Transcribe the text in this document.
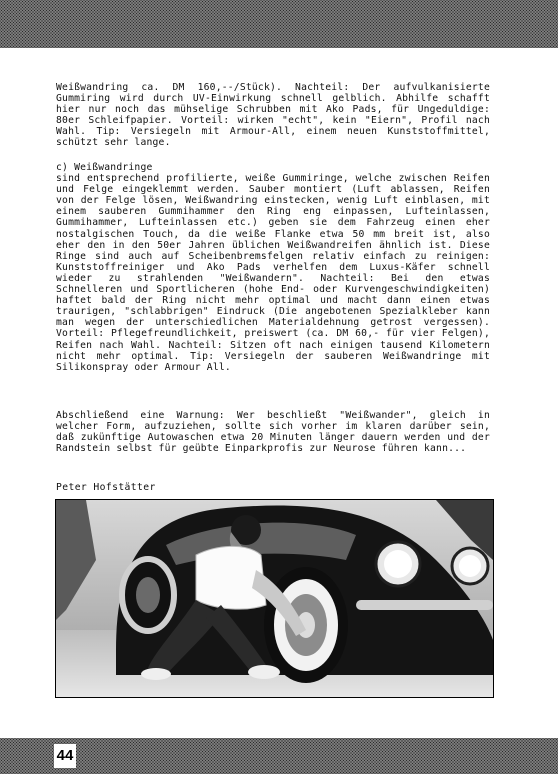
Weißwandring ca. DM 160,--/Stück). Nachteil: Der aufvulkanisierte Gummiring wird durch UV-Einwirkung schnell gelblich. Abhilfe schafft hier nur noch das mühselige Schrubben mit Ako Pads, für Ungeduldige: 80er Schleifpapier. Vorteil: wirken "echt", kein "Eiern", Profil nach Wahl. Tip: Versiegeln mit Armour-All, einem neuen Kunststoffmittel, schützt sehr lange.

c) Weißwandringe

sind entsprechend profilierte, weiße Gummiringe, welche zwischen Reifen und Felge eingeklemmt werden. Sauber montiert (Luft ablassen, Reifen von der Felge lösen, Weißwandring einstecken, wenig Luft einblasen, mit einem sauberen Gummihammer den Ring eng einpassen, Lufteinlassen, Gummihammer, Lufteinlassen etc.) geben sie dem Fahrzeug einen eher nostalgischen Touch, da die weiße Flanke etwa 50 mm breit ist, also eher den in den 50er Jahren üblichen Weißwandreifen ähnlich ist. Diese Ringe sind auch auf Scheibenbremsfelgen relativ einfach zu reinigen: Kunststoffreiniger und Ako Pads verhelfen dem Luxus-Käfer schnell wieder zu strahlenden "Weißwandern". Nachteil: Bei den etwas Schnelleren und Sportlicheren (hohe End- oder Kurvengeschwindigkeiten) haftet bald der Ring nicht mehr optimal und macht dann einen etwas traurigen, "schlabbrigen" Eindruck (Die angebotenen Spezialkleber kann man wegen der unterschiedlichen Materialdehnung getrost vergessen). Vorteil: Pflegefreundlichkeit, preiswert (ca. DM 60,- für vier Felgen), Reifen nach Wahl. Nachteil: Sitzen oft nach einigen tausend Kilometern nicht mehr optimal. Tip: Versiegeln der sauberen Weißwandringe mit Silikonspray oder Armour All.

Abschließend eine Warnung: Wer beschließt "Weißwander", gleich in welcher Form, aufzuziehen, sollte sich vorher im klaren darüber sein, daß zukünftige Autowaschen etwa 20 Minuten länger dauern werden und der Randstein selbst für geübte Einparkprofis zur Neurose führen kann...

Peter Hofstätter
44
